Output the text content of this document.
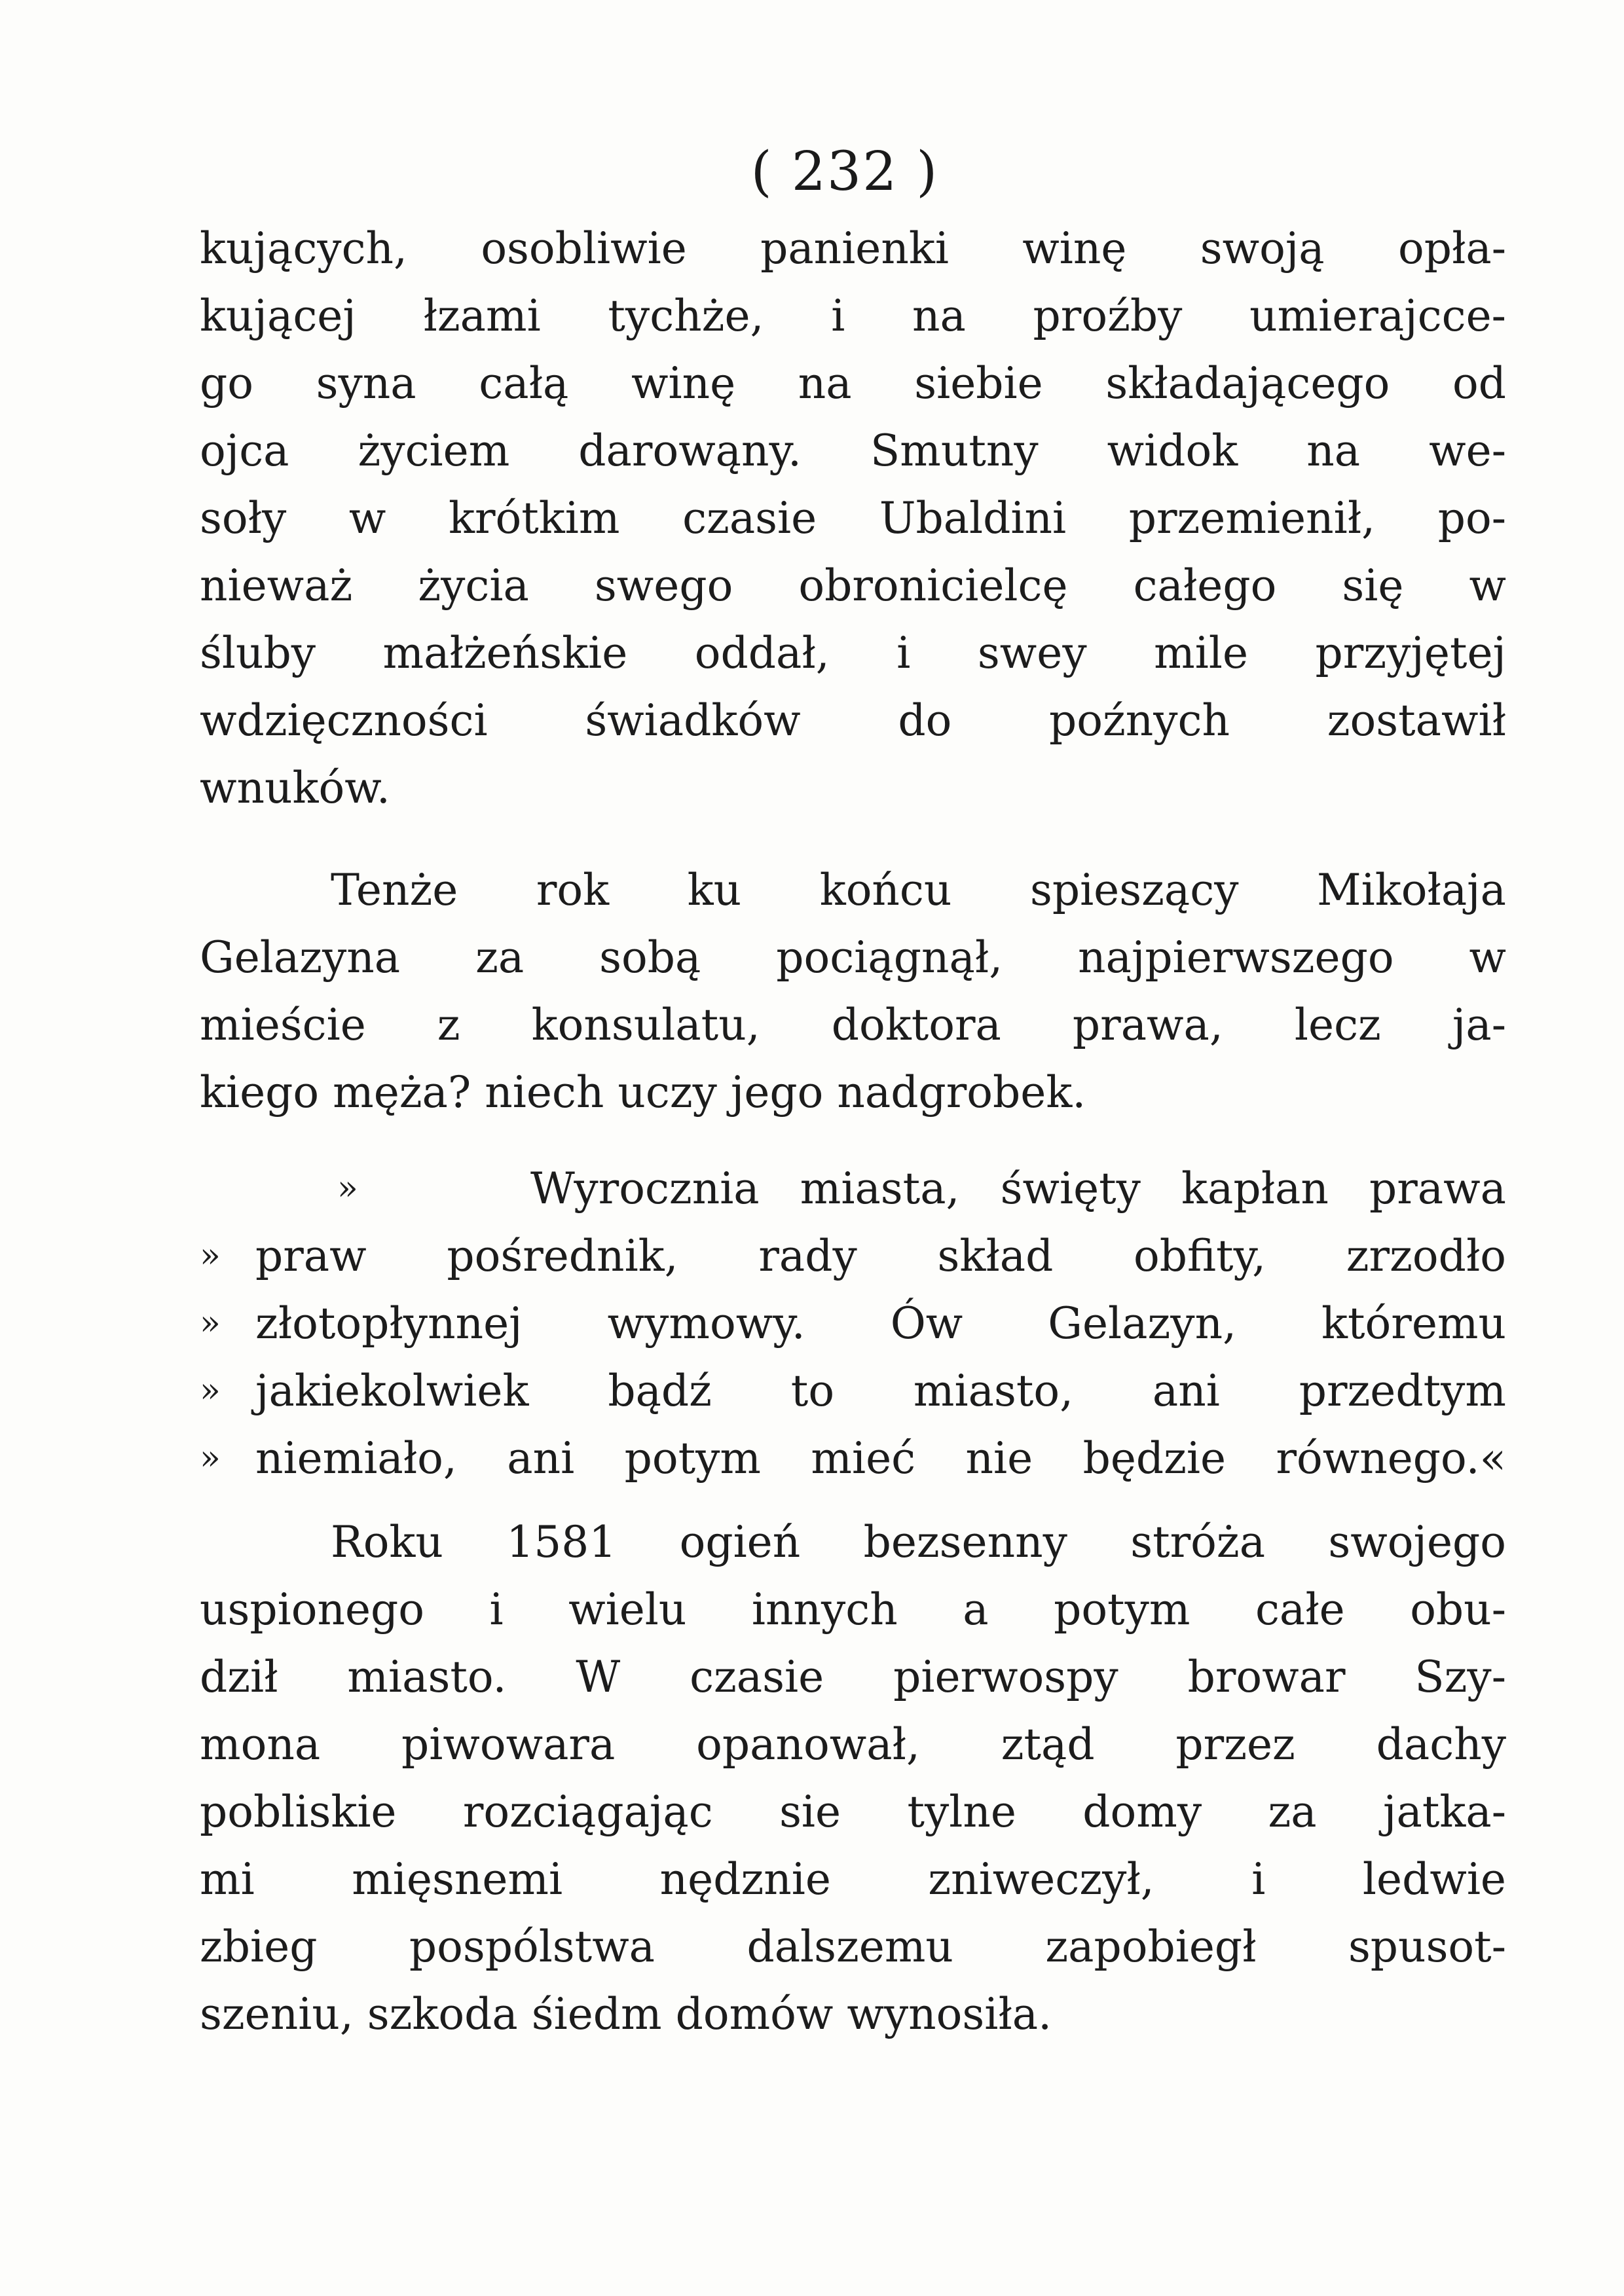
( 232 )
kujących, osobliwie panienki winę swoją opła-
kującej łzami tychże, i na proźby umierajcce-
go syna całą winę na siebie składającego od
ojca życiem darowąny. Smutny widok na we-
soły w krótkim czasie Ubaldini przemienił, po-
nieważ życia swego obronicielcę całego się w
śluby małżeńskie oddał, i swey mile przyjętej
wdzięczności świadków do poźnych zostawił
wnuków.
Tenże rok ku końcu spieszący Mikołaja
Gelazyna za sobą pociągnął, najpierwszego w
mieście z konsulatu, doktora prawa, lecz ja-
kiego męża? niech uczy jego nadgrobek.
»	Wyrocznia miasta, święty kapłan prawa
» praw pośrednik, rady skład obfity, zrzodło
» złotopłynnej wymowy. Ów Gelazyn, któremu
» jakiekolwiek bądź to miasto, ani przedtym
» niemiało, ani potym mieć nie będzie równego.«
Roku 1581 ogień bezsenny stróża swojego
uspionego i wielu innych a potym całe obu-
dził miasto. W czasie pierwospy browar Szy-
mona piwowara opanował, ztąd przez dachy
pobliskie rozciągając sie tylne domy za jatka-
mi mięsnemi nędznie zniweczył, i ledwie
zbieg pospólstwa dalszemu zapobiegł spusot-
szeniu, szkoda śiedm domów wynosiła.
